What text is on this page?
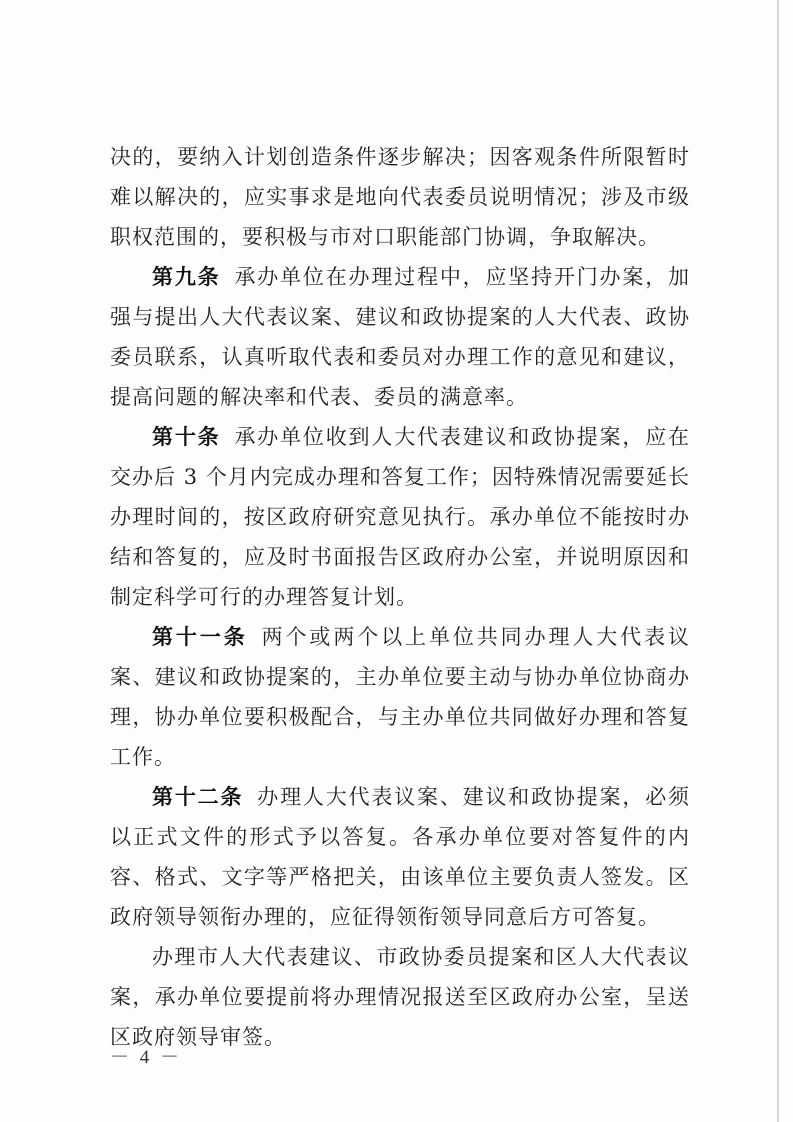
决的，要纳入计划创造条件逐步解决；因客观条件所限暂时难以解决的，应实事求是地向代表委员说明情况；涉及市级职权范围的，要积极与市对口职能部门协调，争取解决。

第九条 承办单位在办理过程中，应坚持开门办案，加强与提出人大代表议案、建议和政协提案的人大代表、政协委员联系，认真听取代表和委员对办理工作的意见和建议，提高问题的解决率和代表、委员的满意率。

第十条 承办单位收到人大代表建议和政协提案，应在交办后 3 个月内完成办理和答复工作；因特殊情况需要延长办理时间的，按区政府研究意见执行。承办单位不能按时办结和答复的，应及时书面报告区政府办公室，并说明原因和制定科学可行的办理答复计划。

第十一条 两个或两个以上单位共同办理人大代表议案、建议和政协提案的，主办单位要主动与协办单位协商办理，协办单位要积极配合，与主办单位共同做好办理和答复工作。

第十二条 办理人大代表议案、建议和政协提案，必须以正式文件的形式予以答复。各承办单位要对答复件的内容、格式、文字等严格把关，由该单位主要负责人签发。区政府领导领衔办理的，应征得领衔领导同意后方可答复。

办理市人大代表建议、市政协委员提案和区人大代表议案，承办单位要提前将办理情况报送至区政府办公室，呈送区政府领导审签。

－ 4 －
